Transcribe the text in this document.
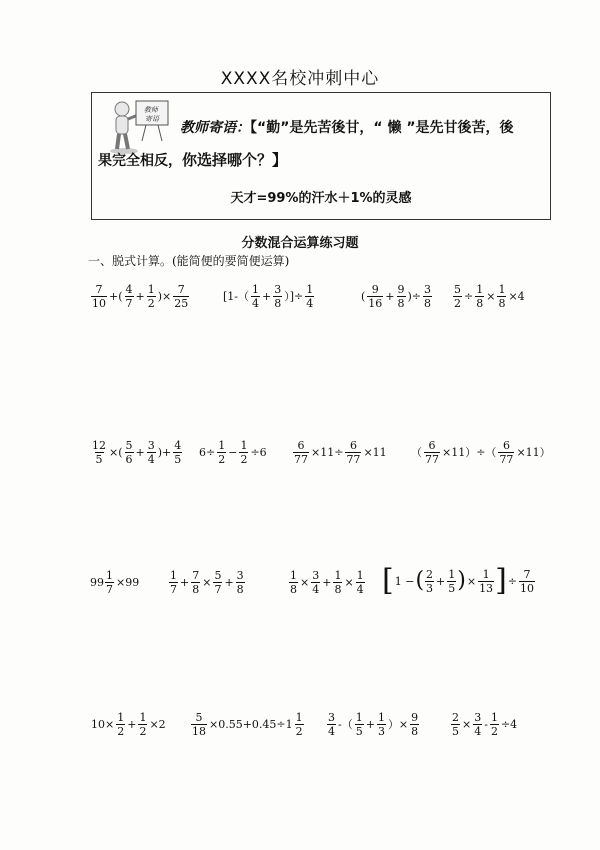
XXXX名校冲刺中心
教师 寄语
教师寄语：【“勤”是先苦後甘，“ 懒 ”是先甘後苦，後
果完全相反，你选择哪个？】
天才=99%的汗水＋1%的灵感
分数混合运算练习题
一、脱式计算。(能简便的要简便运算)
7
10
+(
4
7
+ $\frac{1}{2}$ )× $\frac{7}{25}$	[1-（
1
4
+ $\frac{3}{8}$ ）]÷ $\frac{1}{4}$	(
9
16
+ $\frac{9}{8}$ )÷ $\frac{3}{8} \frac{5}{2} \div \frac{1}{8} \times \frac{1}{8} \times 4$
$\frac{12}{5}$ ×(
5
6
+ $\frac{3}{4}$ )+ $\frac{4}{5} 6\div \frac{1}{2} - \frac{1}{2} \div 6 \frac{6}{77} \times 11\div \frac{6}{77} \times 11$ （ $\frac{6}{77} \times 11)\div( \frac{6}{77} \times 11)$
99
1
7
×99
1
7
+ $\frac{7}{8} \times \frac{5}{7} + \frac{3}{8}$	$\frac{1}{8} \times \frac{3}{4} + \frac{1}{8} \times \frac{1}{4}$ [ 1 − ( 2
3
+ $\frac{1}{5}$ ) × $\frac{1}{13}$ ] ÷ $\frac{7}{10}$
$10\times \frac{1}{2} + \frac{1}{2} \times 2 \frac{5}{18} \times 0.55+0.45\div 1$
1
2
3
4
-（
1
5
+ $\frac{1}{3}$ ）× $\frac{9}{8}$	$\frac{2}{5} \times \frac{3}{4} - \frac{1}{2} \div 4$
